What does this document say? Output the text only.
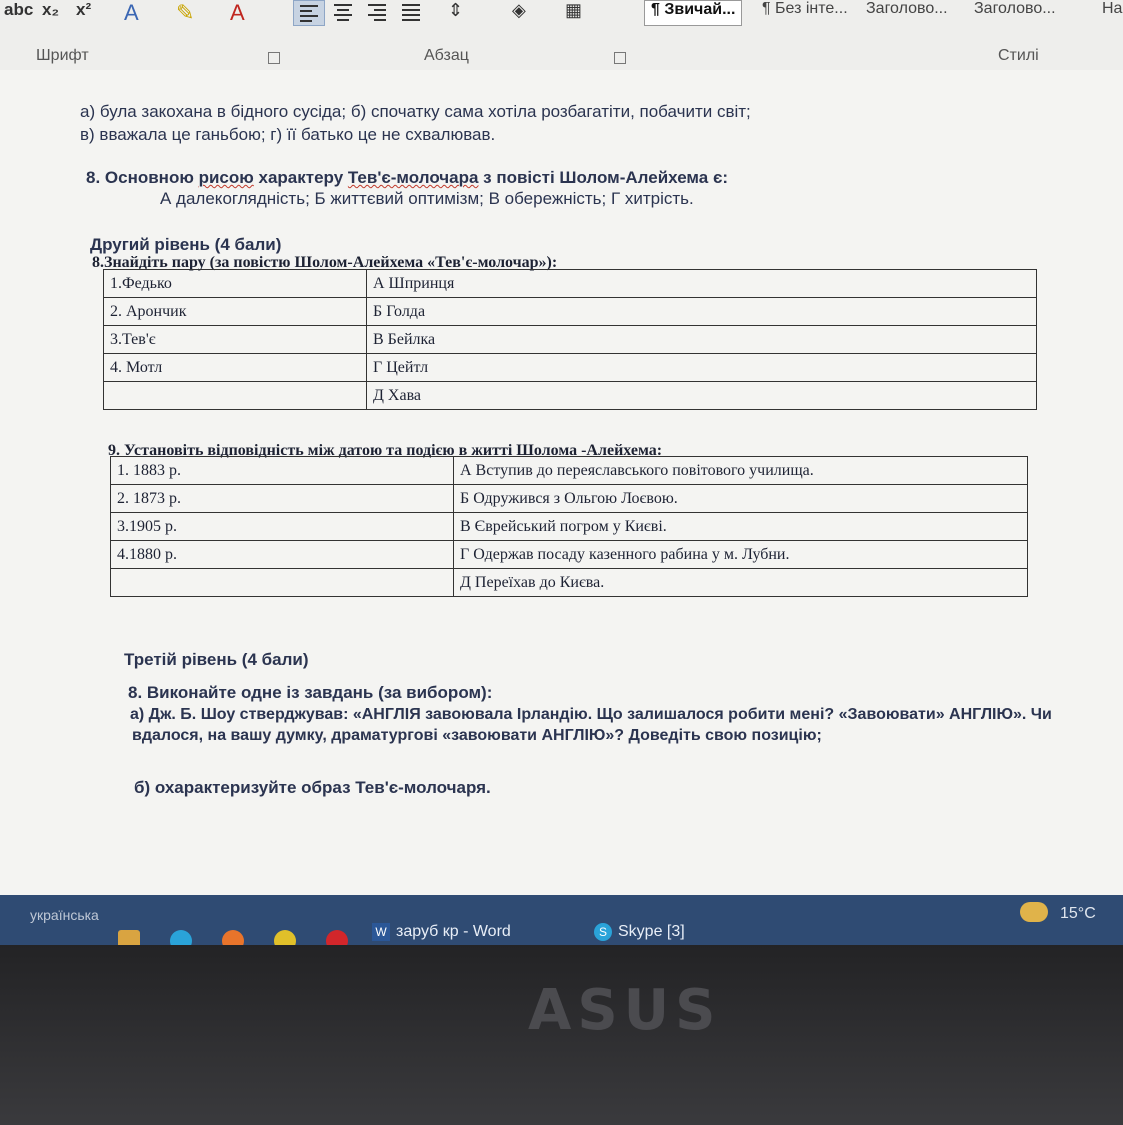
abc x₂ x² A ✎ A	⇕	◈ ▦	¶ Звичай...	¶ Без інте...	Заголово...	Заголово...	На
Шрифт	Абзац	Стилі
а) була закохана в бідного сусіда; б) спочатку сама хотіла розбагатіти, побачити світ;
в) вважала це ганьбою; г) її батько це не схвалював.
8. Основною рисою характеру Тев'є-молочара з повісті Шолом-Алейхема є:
А далекоглядність; Б життєвий оптимізм; В обережність; Г хитрість.
Другий рівень (4 бали)
8.Знайдіть пару (за повістю Шолом-Алейхема «Тев'є-молочар»):
1.Федько	А Шпринця
2. Арончик	Б Голда
3.Тев'є	В Бейлка
4. Мотл	Г Цейтл
	Д Хава
9. Установіть відповідність між датою та подією в житті Шолома -Алейхема:
1. 1883 р.	А Вступив до переяславського повітового училища.
2. 1873 р.	Б Одружився з Ольгою Лоєвою.
3.1905 р.	В Єврейський погром у Києві.
4.1880 р.	Г Одержав посаду казенного рабина у м. Лубни.
	Д Переїхав до Києва.
Третій рівень (4 бали)
8. Виконайте одне із завдань (за вибором):
а) Дж. Б. Шоу стверджував: «АНГЛІЯ завоювала Ірландію. Що залишалося робити мені? «Завоювати» АНГЛІЮ». Чи
вдалося, на вашу думку, драматургові «завоювати АНГЛІЮ»? Доведіть свою позицію;
б) охарактеризуйте образ Тев'є-молочаря.
українська
W заруб кр - Word	S Skype [3]
15°C
ASUS
